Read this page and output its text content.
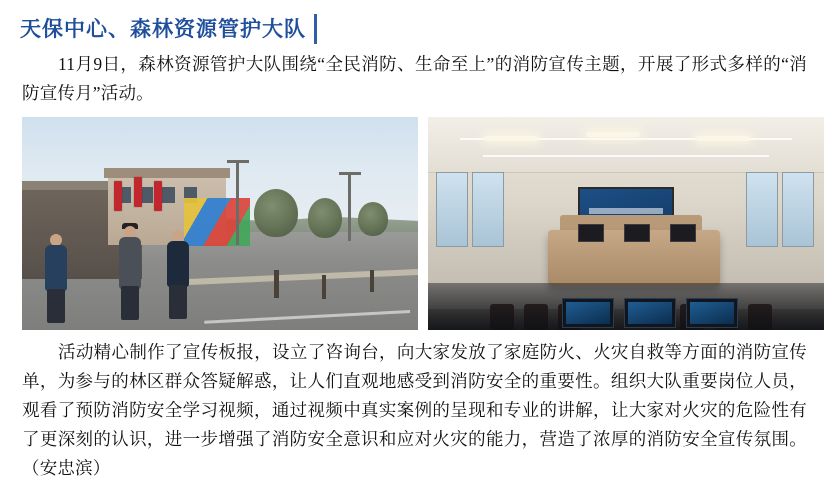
天保中心、森林资源管护大队

11月9日，森林资源管护大队围绕“全民消防、生命至上”的消防宣传主题，开展了形式多样的“消防宣传月”活动。

活动精心制作了宣传板报，设立了咨询台，向大家发放了家庭防火、火灾自救等方面的消防宣传单，为参与的林区群众答疑解惑，让人们直观地感受到消防安全的重要性。组织大队重要岗位人员，观看了预防消防安全学习视频，通过视频中真实案例的呈现和专业的讲解，让大家对火灾的危险性有了更深刻的认识，进一步增强了消防安全意识和应对火灾的能力，营造了浓厚的消防安全宣传氛围。（安忠滨）
